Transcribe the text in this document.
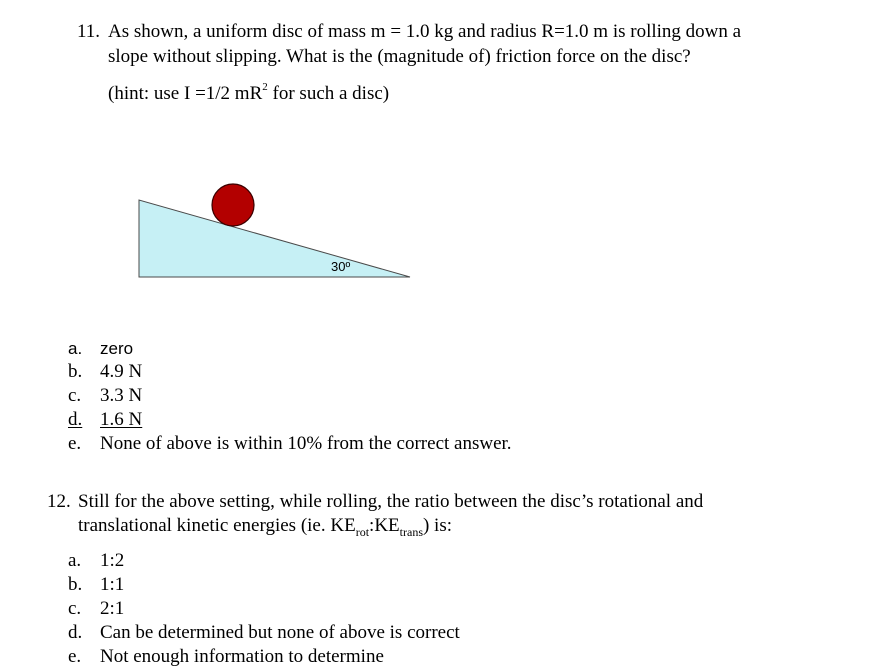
11. As shown, a uniform disc of mass m = 1.0 kg and radius R=1.0 m is rolling down a
slope without slipping. What is the (magnitude of) friction force on the disc?
(hint: use I =1/2 $mR^2$ for such a disc)
30º
a. zero
b. 4.9 N
c. 3.3 N
d. 1.6 N
e. None of above is within 10% from the correct answer.
12. Still for the above setting, while rolling, the ratio between the disc’s rotational and
translational kinetic energies (ie. $KE_{rot}:KE_{trans}$) is:
a. 1:2
b. 1:1
c. 2:1
d. Can be determined but none of above is correct
e. Not enough information to determine
